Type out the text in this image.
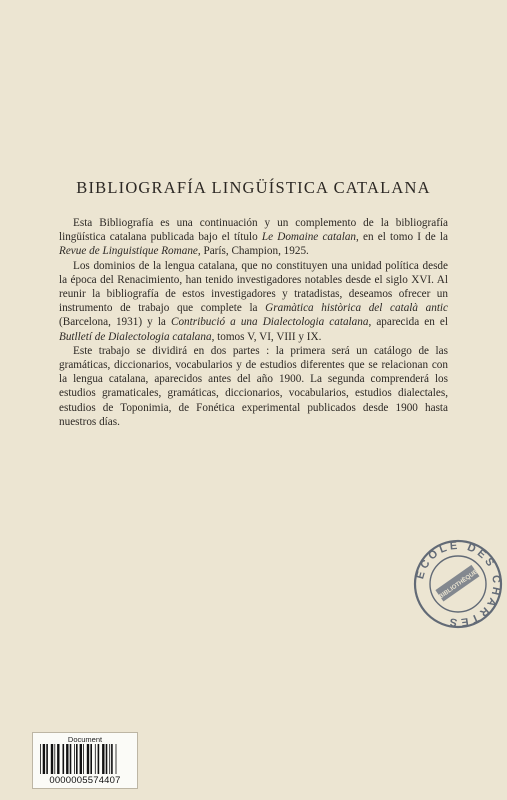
BIBLIOGRAFÍA LINGÜÍSTICA CATALANA

Esta Bibliografía es una continuación y un complemento de la bibliografía lingüística catalana publicada bajo el título Le Domaine catalan, en el tomo I de la Revue de Linguistique Romane, París, Champion, 1925.

Los dominios de la lengua catalana, que no constituyen una unidad política desde la época del Renacimiento, han tenido investigadores notables desde el siglo XVI. Al reunir la bibliografía de estos investigadores y tratadistas, deseamos ofrecer un instrumento de trabajo que complete la Gramàtica històrica del català antic (Barcelona, 1931) y la Contribució a una Dialectologia catalana, aparecida en el Butlletí de Dialectologia catalana, tomos V, VI, VIII y IX.

Este trabajo se dividirá en dos partes : la primera será un catálogo de las gramáticas, diccionarios, vocabularios y de estudios diferentes que se relacionan con la lengua catalana, aparecidos antes del año 1900. La segunda comprenderá los estudios gramaticales, gramáticas, diccionarios, vocabularios, estudios dialectales, estudios de Toponimia, de Fonética experimental publicados desde 1900 hasta nuestros días.

ECOLE DES CHARTES
BIBLIOTHÈQUE
Document
0000005574407
